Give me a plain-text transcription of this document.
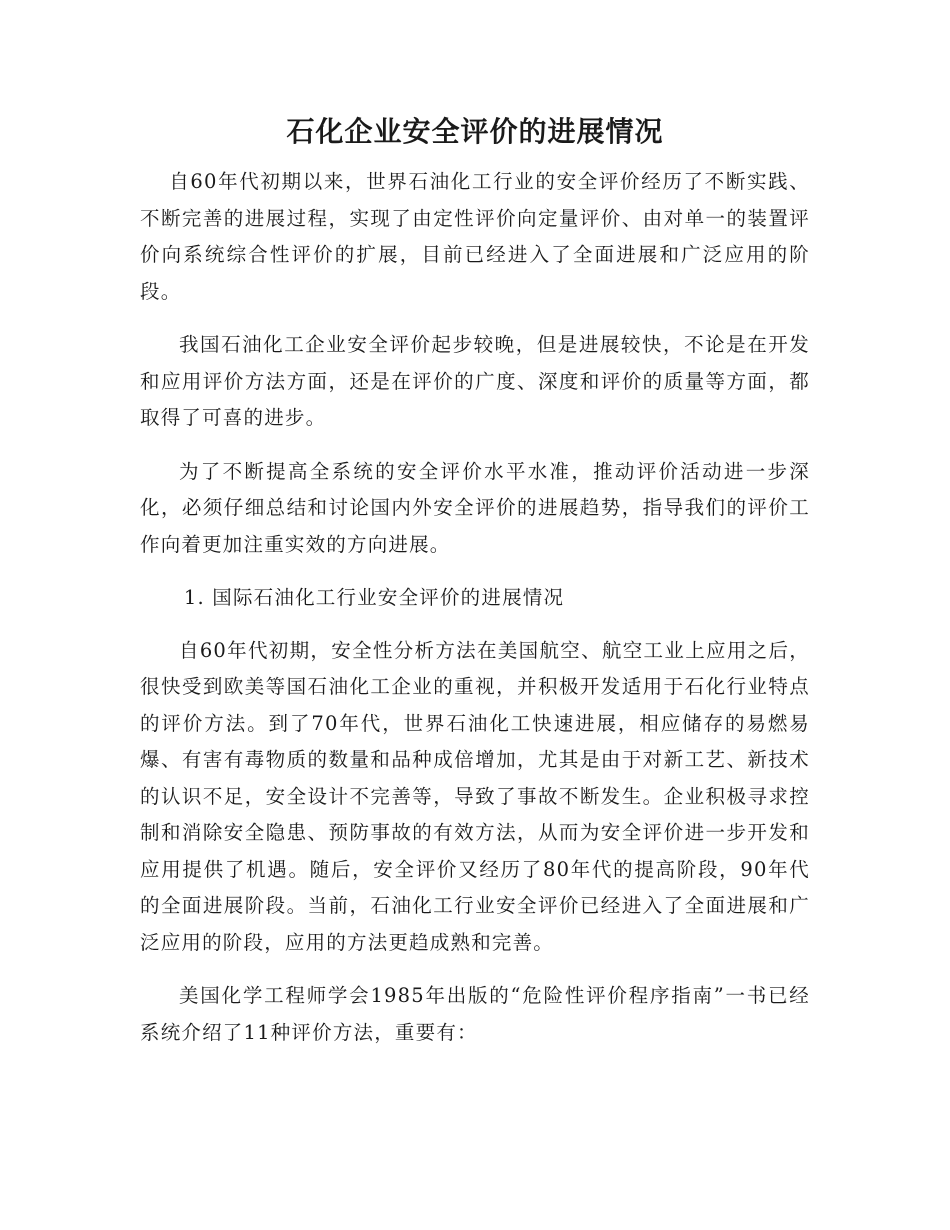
石化企业安全评价的进展情况

自60年代初期以来，世界石油化工行业的安全评价经历了不断实践、不断完善的进展过程，实现了由定性评价向定量评价、由对单一的装置评价向系统综合性评价的扩展，目前已经进入了全面进展和广泛应用的阶段。

我国石油化工企业安全评价起步较晚，但是进展较快，不论是在开发和应用评价方法方面，还是在评价的广度、深度和评价的质量等方面，都取得了可喜的进步。

为了不断提高全系统的安全评价水平水准，推动评价活动进一步深化，必须仔细总结和讨论国内外安全评价的进展趋势，指导我们的评价工作向着更加注重实效的方向进展。

1. 国际石油化工行业安全评价的进展情况

自60年代初期，安全性分析方法在美国航空、航空工业上应用之后，很快受到欧美等国石油化工企业的重视，并积极开发适用于石化行业特点的评价方法。到了70年代，世界石油化工快速进展，相应储存的易燃易爆、有害有毒物质的数量和品种成倍增加，尤其是由于对新工艺、新技术的认识不足，安全设计不完善等，导致了事故不断发生。企业积极寻求控制和消除安全隐患、预防事故的有效方法，从而为安全评价进一步开发和应用提供了机遇。随后，安全评价又经历了80年代的提高阶段，90年代的全面进展阶段。当前，石油化工行业安全评价已经进入了全面进展和广泛应用的阶段，应用的方法更趋成熟和完善。

美国化学工程师学会1985年出版的“危险性评价程序指南”一书已经系统介绍了11种评价方法，重要有：
